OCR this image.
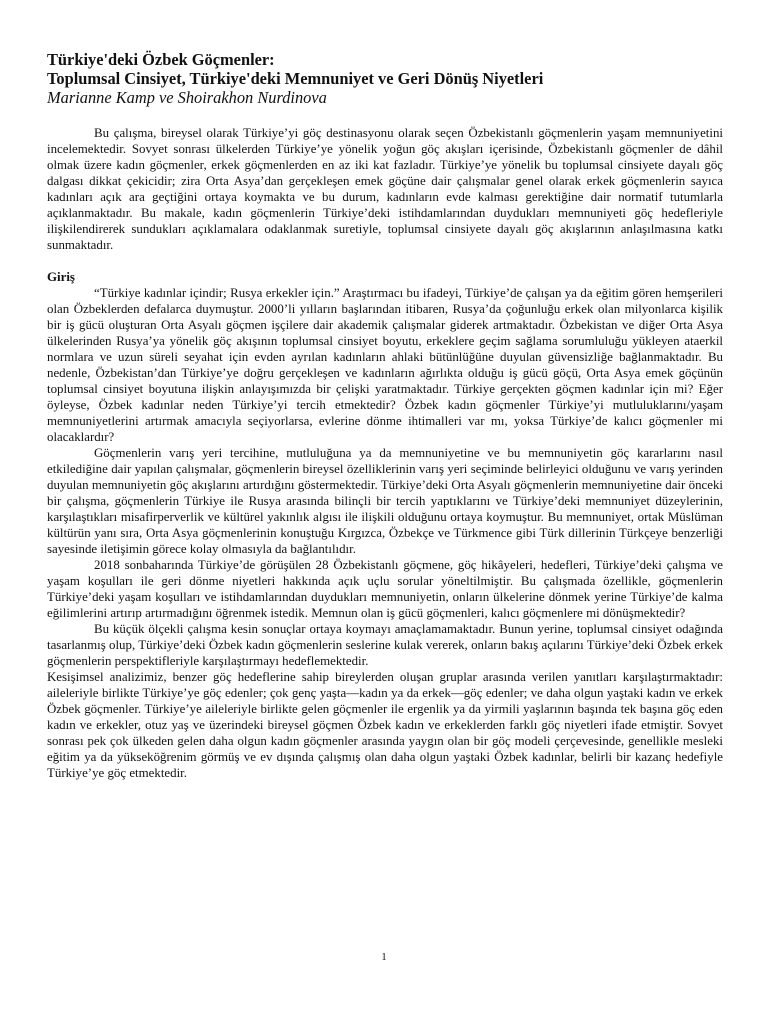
Türkiye'deki Özbek Göçmenler:
Toplumsal Cinsiyet, Türkiye'deki Memnuniyet ve Geri Dönüş Niyetleri

Marianne Kamp ve Shoirakhon Nurdinova

Bu çalışma, bireysel olarak Türkiye’yi göç destinasyonu olarak seçen Özbekistanlı göçmenlerin yaşam memnuniyetini incelemektedir. Sovyet sonrası ülkelerden Türkiye’ye yönelik yoğun göç akışları içerisinde, Özbekistanlı göçmenler de dâhil olmak üzere kadın göçmenler, erkek göçmenlerden en az iki kat fazladır. Türkiye’ye yönelik bu toplumsal cinsiyete dayalı göç dalgası dikkat çekicidir; zira Orta Asya’dan gerçekleşen emek göçüne dair çalışmalar genel olarak erkek göçmenlerin sayıca kadınları açık ara geçtiğini ortaya koymakta ve bu durum, kadınların evde kalması gerektiğine dair normatif tutumlarla açıklanmaktadır. Bu makale, kadın göçmenlerin Türkiye’deki istihdamlarından duydukları memnuniyeti göç hedefleriyle ilişkilendirerek sundukları açıklamalara odaklanmak suretiyle, toplumsal cinsiyete dayalı göç akışlarının anlaşılmasına katkı sunmaktadır.

Giriş

“Türkiye kadınlar içindir; Rusya erkekler için.” Araştırmacı bu ifadeyi, Türkiye’de çalışan ya da eğitim gören hemşerileri olan Özbeklerden defalarca duymuştur. 2000’li yılların başlarından itibaren, Rusya’da çoğunluğu erkek olan milyonlarca kişilik bir iş gücü oluşturan Orta Asyalı göçmen işçilere dair akademik çalışmalar giderek artmaktadır. Özbekistan ve diğer Orta Asya ülkelerinden Rusya’ya yönelik göç akışının toplumsal cinsiyet boyutu, erkeklere geçim sağlama sorumluluğu yükleyen ataerkil normlara ve uzun süreli seyahat için evden ayrılan kadınların ahlaki bütünlüğüne duyulan güvensizliğe bağlanmaktadır. Bu nedenle, Özbekistan’dan Türkiye’ye doğru gerçekleşen ve kadınların ağırlıkta olduğu iş gücü göçü, Orta Asya emek göçünün toplumsal cinsiyet boyutuna ilişkin anlayışımızda bir çelişki yaratmaktadır. Türkiye gerçekten göçmen kadınlar için mi? Eğer öyleyse, Özbek kadınlar neden Türkiye’yi tercih etmektedir? Özbek kadın göçmenler Türkiye’yi mutluluklarını/yaşam memnuniyetlerini artırmak amacıyla seçiyorlarsa, evlerine dönme ihtimalleri var mı, yoksa Türkiye’de kalıcı göçmenler mi olacaklardır?

Göçmenlerin varış yeri tercihine, mutluluğuna ya da memnuniyetine ve bu memnuniyetin göç kararlarını nasıl etkilediğine dair yapılan çalışmalar, göçmenlerin bireysel özelliklerinin varış yeri seçiminde belirleyici olduğunu ve varış yerinden duyulan memnuniyetin göç akışlarını artırdığını göstermektedir. Türkiye’deki Orta Asyalı göçmenlerin memnuniyetine dair önceki bir çalışma, göçmenlerin Türkiye ile Rusya arasında bilinçli bir tercih yaptıklarını ve Türkiye’deki memnuniyet düzeylerinin, karşılaştıkları misafirperverlik ve kültürel yakınlık algısı ile ilişkili olduğunu ortaya koymuştur. Bu memnuniyet, ortak Müslüman kültürün yanı sıra, Orta Asya göçmenlerinin konuştuğu Kırgızca, Özbekçe ve Türkmence gibi Türk dillerinin Türkçeye benzerliği sayesinde iletişimin görece kolay olmasıyla da bağlantılıdır.

2018 sonbaharında Türkiye’de görüşülen 28 Özbekistanlı göçmene, göç hikâyeleri, hedefleri, Türkiye’deki çalışma ve yaşam koşulları ile geri dönme niyetleri hakkında açık uçlu sorular yöneltilmiştir. Bu çalışmada özellikle, göçmenlerin Türkiye’deki yaşam koşulları ve istihdamlarından duydukları memnuniyetin, onların ülkelerine dönmek yerine Türkiye’de kalma eğilimlerini artırıp artırmadığını öğrenmek istedik. Memnun olan iş gücü göçmenleri, kalıcı göçmenlere mi dönüşmektedir?

Bu küçük ölçekli çalışma kesin sonuçlar ortaya koymayı amaçlamamaktadır. Bunun yerine, toplumsal cinsiyet odağında tasarlanmış olup, Türkiye’deki Özbek kadın göçmenlerin seslerine kulak vererek, onların bakış açılarını Türkiye’deki Özbek erkek göçmenlerin perspektifleriyle karşılaştırmayı hedeflemektedir.

Kesişimsel analizimiz, benzer göç hedeflerine sahip bireylerden oluşan gruplar arasında verilen yanıtları karşılaştırmaktadır: aileleriyle birlikte Türkiye’ye göç edenler; çok genç yaşta—kadın ya da erkek—göç edenler; ve daha olgun yaştaki kadın ve erkek Özbek göçmenler. Türkiye’ye aileleriyle birlikte gelen göçmenler ile ergenlik ya da yirmili yaşlarının başında tek başına göç eden kadın ve erkekler, otuz yaş ve üzerindeki bireysel göçmen Özbek kadın ve erkeklerden farklı göç niyetleri ifade etmiştir. Sovyet sonrası pek çok ülkeden gelen daha olgun kadın göçmenler arasında yaygın olan bir göç modeli çerçevesinde, genellikle mesleki eğitim ya da yükseköğrenim görmüş ve ev dışında çalışmış olan daha olgun yaştaki Özbek kadınlar, belirli bir kazanç hedefiyle Türkiye’ye göç etmektedir.

1
